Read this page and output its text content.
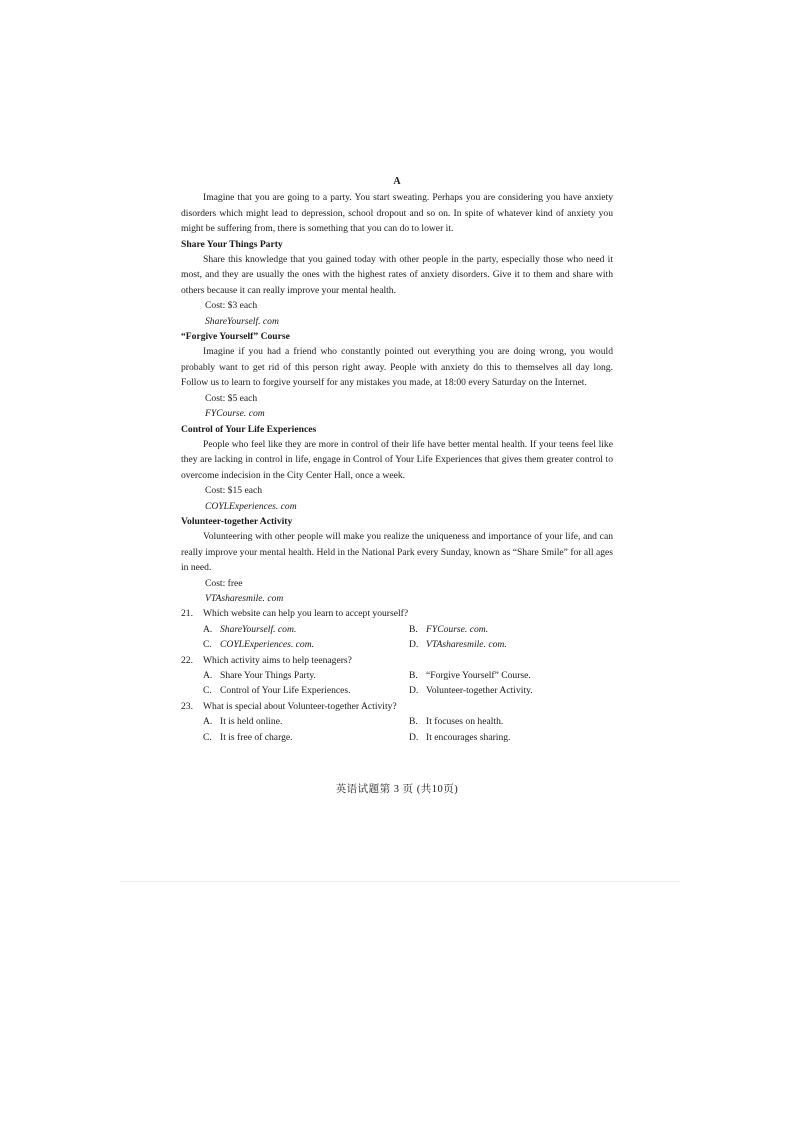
A

Imagine that you are going to a party. You start sweating. Perhaps you are considering you have anxiety disorders which might lead to depression, school dropout and so on. In spite of whatever kind of anxiety you might be suffering from, there is something that you can do to lower it.

Share Your Things Party

Share this knowledge that you gained today with other people in the party, especially those who need it most, and they are usually the ones with the highest rates of anxiety disorders. Give it to them and share with others because it can really improve your mental health.

Cost: $3 each
ShareYourself. com
“Forgive Yourself” Course

Imagine if you had a friend who constantly pointed out everything you are doing wrong, you would probably want to get rid of this person right away. People with anxiety do this to themselves all day long. Follow us to learn to forgive yourself for any mistakes you made, at 18:00 every Saturday on the Internet.

Cost: $5 each
FYCourse. com
Control of Your Life Experiences

People who feel like they are more in control of their life have better mental health. If your teens feel like they are lacking in control in life, engage in Control of Your Life Experiences that gives them greater control to overcome indecision in the City Center Hall, once a week.

Cost: $15 each
COYLExperiences. com
Volunteer-together Activity

Volunteering with other people will make you realize the uniqueness and importance of your life, and can really improve your mental health. Held in the National Park every Sunday, known as “Share Smile” for all ages in need.

Cost: free
VTAsharesmile. com
21. Which website can help you learn to accept yourself?
A. ShareYourself. com.	B. FYCourse. com.
C. COYLExperiences. com.	D. VTAsharesmile. com.
22. Which activity aims to help teenagers?
A. Share Your Things Party.	B. “Forgive Yourself” Course.
C. Control of Your Life Experiences.	D. Volunteer-together Activity.
23. What is special about Volunteer-together Activity?
A. It is held online.	B. It focuses on health.
C. It is free of charge.	D. It encourages sharing.
英语试题第 3 页 (共10页)
